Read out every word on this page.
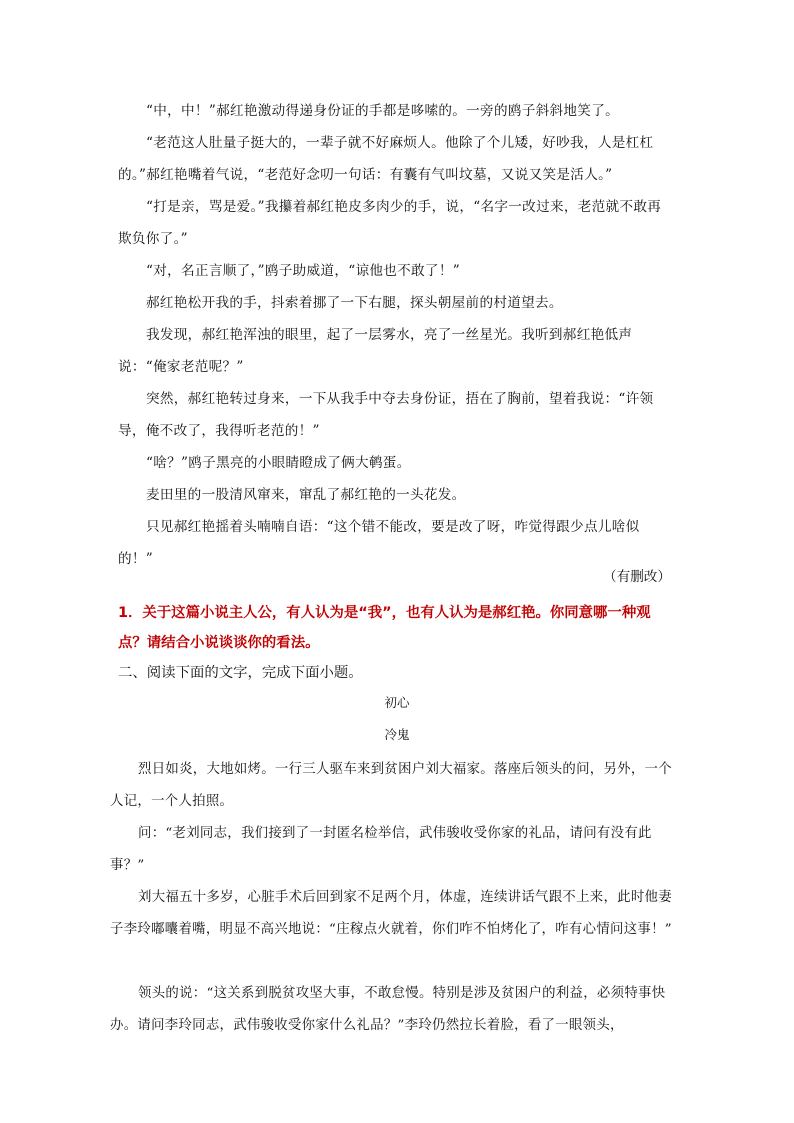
“中，中！”郝红艳激动得递身份证的手都是哆嗦的。一旁的鸥子斜斜地笑了。

“老范这人肚量子挺大的，一辈子就不好麻烦人。他除了个儿矮，好吵我，人是杠杠的。”郝红艳嘴着气说，“老范好念叨一句话：有囊有气叫坟墓，又说又笑是活人。”

“打是亲，骂是爱。”我攥着郝红艳皮多肉少的手，说，“名字一改过来，老范就不敢再欺负你了。”

“对，名正言顺了，”鸥子助威道，“谅他也不敢了！”

郝红艳松开我的手，抖索着挪了一下右腿，探头朝屋前的村道望去。

我发现，郝红艳浑浊的眼里，起了一层雾水，亮了一丝星光。我听到郝红艳低声说：“俺家老范呢？”

突然，郝红艳转过身来，一下从我手中夺去身份证，捂在了胸前，望着我说：“许领导，俺不改了，我得听老范的！”

“啥？”鸥子黑亮的小眼睛瞪成了俩大鹌蛋。

麦田里的一股清风窜来，窜乱了郝红艳的一头花发。

只见郝红艳摇着头喃喃自语：“这个错不能改，要是改了呀，咋觉得跟少点儿啥似的！”

（有删改）

1．关于这篇小说主人公，有人认为是“我”，也有人认为是郝红艳。你同意哪一种观点？请结合小说谈谈你的看法。

二、阅读下面的文字，完成下面小题。

初心

冷鬼

烈日如炎，大地如烤。一行三人驱车来到贫困户刘大福家。落座后领头的问，另外，一个人记，一个人拍照。

问：“老刘同志，我们接到了一封匿名检举信，武伟骏收受你家的礼品，请问有没有此事？”

刘大福五十多岁，心脏手术后回到家不足两个月，体虚，连续讲话气跟不上来，此时他妻子李玲嘟囔着嘴，明显不高兴地说：“庄稼点火就着，你们咋不怕烤化了，咋有心情问这事！”

领头的说：“这关系到脱贫攻坚大事，不敢怠慢。特别是涉及贫困户的利益，必须特事快办。请问李玲同志，武伟骏收受你家什么礼品？”李玲仍然拉长着脸，看了一眼领头，
